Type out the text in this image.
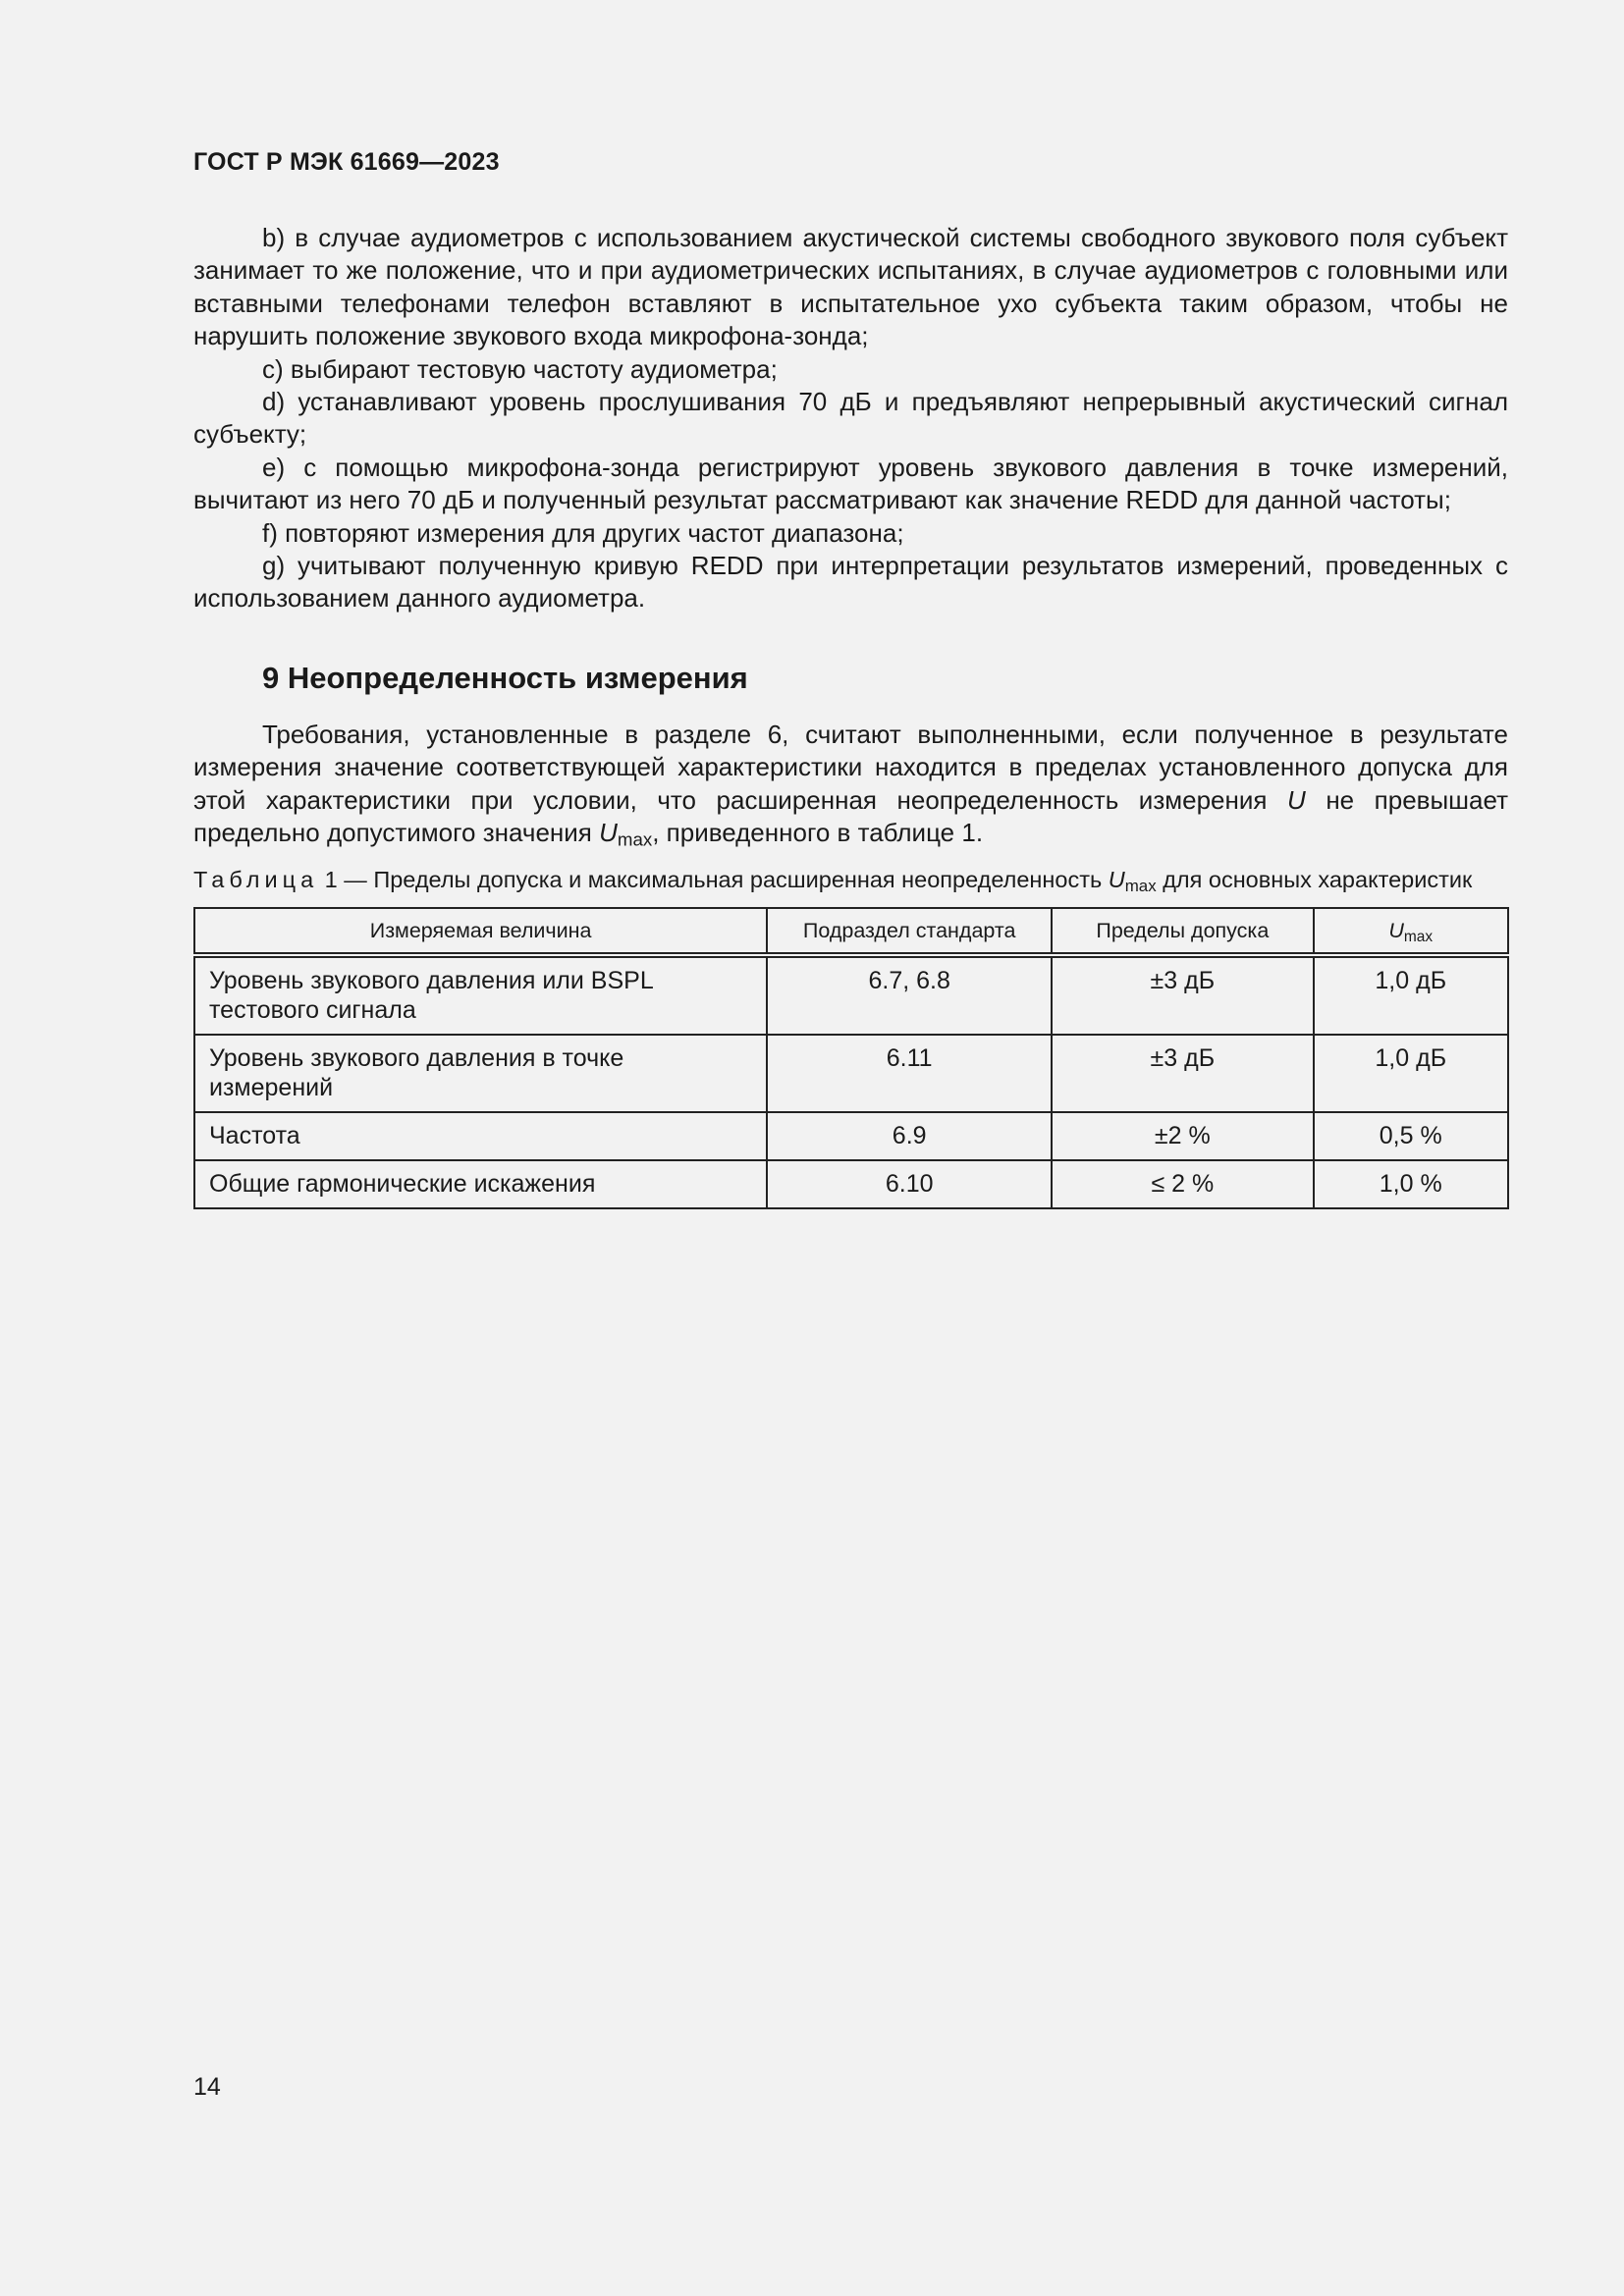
ГОСТ Р МЭК 61669—2023

b) в случае аудиометров с использованием акустической системы свободного звукового поля субъект занимает то же положение, что и при аудиометрических испытаниях, в случае аудиометров с головными или вставными телефонами телефон вставляют в испытательное ухо субъекта таким образом, чтобы не нарушить положение звукового входа микрофона-зонда;

c) выбирают тестовую частоту аудиометра;

d) устанавливают уровень прослушивания 70 дБ и предъявляют непрерывный акустический сигнал субъекту;

e) с помощью микрофона-зонда регистрируют уровень звукового давления в точке измерений, вычитают из него 70 дБ и полученный результат рассматривают как значение REDD для данной частоты;

f) повторяют измерения для других частот диапазона;

g) учитывают полученную кривую REDD при интерпретации результатов измерений, проведенных с использованием данного аудиометра.

9 Неопределенность измерения

Требования, установленные в разделе 6, считают выполненными, если полученное в результате измерения значение соответствующей характеристики находится в пределах установленного допуска для этой характеристики при условии, что расширенная неопределенность измерения U не превышает предельно допустимого значения $U_{max}$, приведенного в таблице 1.

Таблица 1 — Пределы допуска и максимальная расширенная неопределенность $U_{max}$ для основных характеристик
Измеряемая величина	Подраздел стандарта	Пределы допуска	$U_{max}$
Уровень звукового давления или BSPL тестового сигнала	6.7, 6.8	±3 дБ	1,0 дБ
Уровень звукового давления в точке измерений	6.11	±3 дБ	1,0 дБ
Частота	6.9	±2 %	0,5 %
Общие гармонические искажения	6.10	≤ 2 %	1,0 %
14
